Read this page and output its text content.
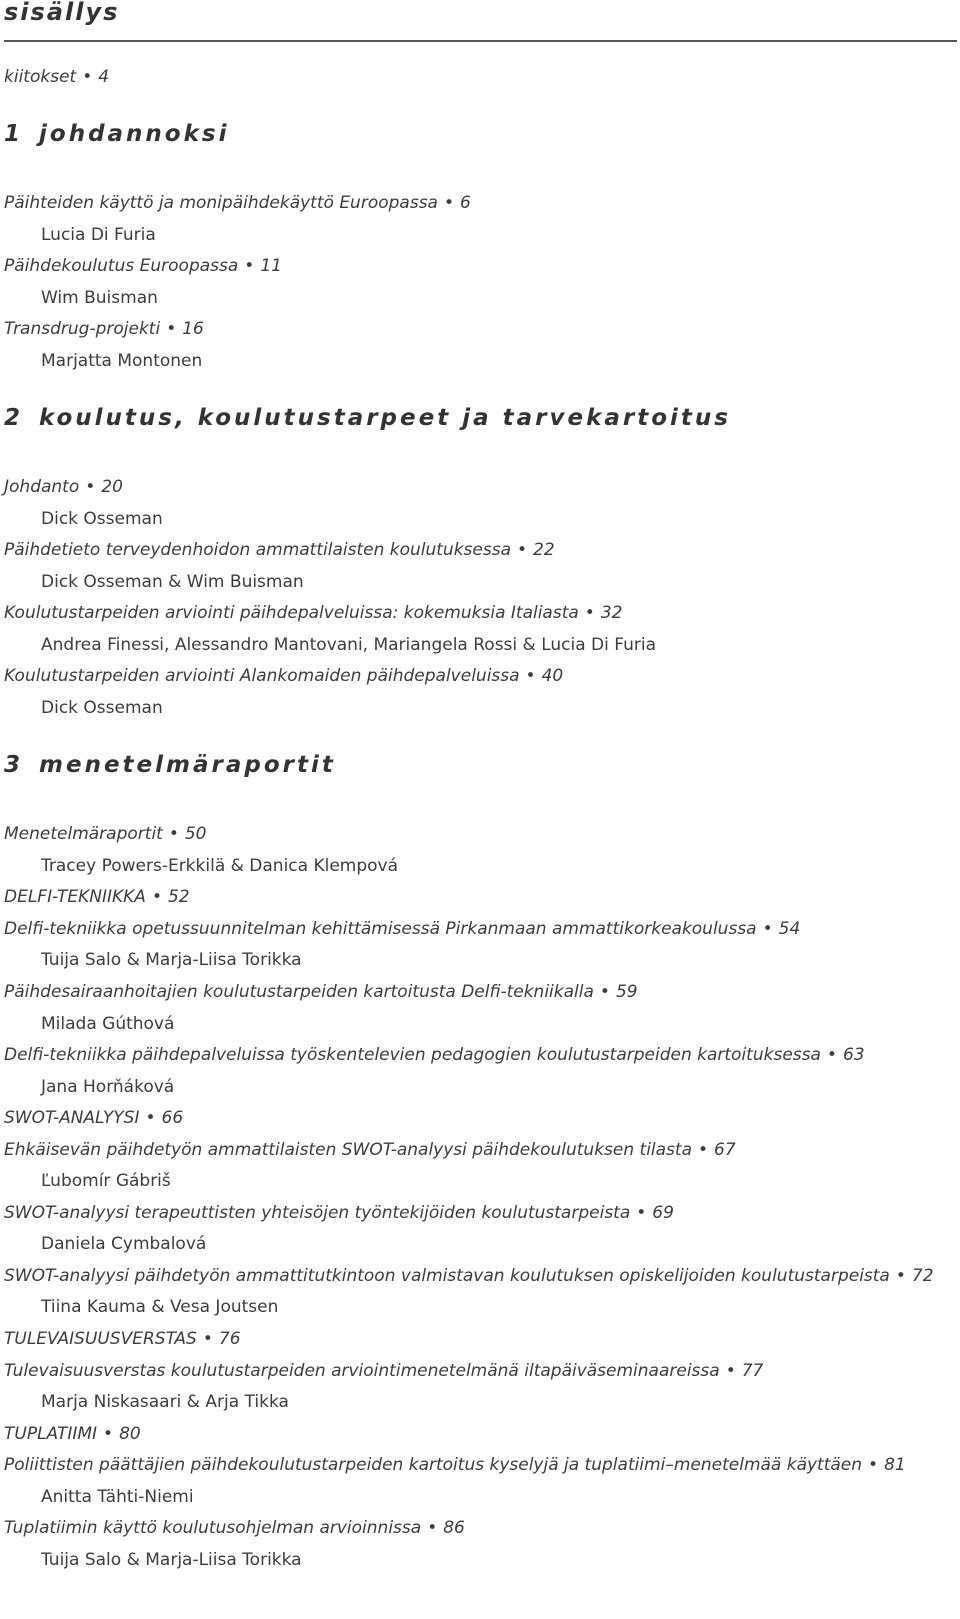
sisällys
kiitokset • 4
1 johdannoksi
Päihteiden käyttö ja monipäihdekäyttö Euroopassa • 6
Lucia Di Furia
Päihdekoulutus Euroopassa • 11
Wim Buisman
Transdrug-projekti • 16
Marjatta Montonen
2 koulutus, koulutustarpeet ja tarvekartoitus
Johdanto • 20
Dick Osseman
Päihdetieto terveydenhoidon ammattilaisten koulutuksessa • 22
Dick Osseman & Wim Buisman
Koulutustarpeiden arviointi päihdepalveluissa: kokemuksia Italiasta • 32
Andrea Finessi, Alessandro Mantovani, Mariangela Rossi & Lucia Di Furia
Koulutustarpeiden arviointi Alankomaiden päihdepalveluissa • 40
Dick Osseman
3 menetelmäraportit
Menetelmäraportit • 50
Tracey Powers-Erkkilä & Danica Klempová
DELFI-TEKNIIKKA • 52
Delfi-tekniikka opetussuunnitelman kehittämisessä Pirkanmaan ammattikorkeakoulussa • 54
Tuija Salo & Marja-Liisa Torikka
Päihdesairaanhoitajien koulutustarpeiden kartoitusta Delfi-tekniikalla • 59
Milada Gúthová
Delfi-tekniikka päihdepalveluissa työskentelevien pedagogien koulutustarpeiden kartoituksessa • 63
Jana Horňáková
SWOT-ANALYYSI • 66
Ehkäisevän päihdetyön ammattilaisten SWOT-analyysi päihdekoulutuksen tilasta • 67
Ľubomír Gábriš
SWOT-analyysi terapeuttisten yhteisöjen työntekijöiden koulutustarpeista • 69
Daniela Cymbalová
SWOT-analyysi päihdetyön ammattitutkintoon valmistavan koulutuksen opiskelijoiden koulutustarpeista • 72
Tiina Kauma & Vesa Joutsen
TULEVAISUUSVERSTAS • 76
Tulevaisuusverstas koulutustarpeiden arviointimenetelmänä iltapäiväseminaareissa • 77
Marja Niskasaari & Arja Tikka
TUPLATIIMI • 80
Poliittisten päättäjien päihdekoulutustarpeiden kartoitus kyselyjä ja tuplatiimi–menetelmää käyttäen • 81
Anitta Tähti-Niemi
Tuplatiimin käyttö koulutusohjelman arvioinnissa • 86
Tuija Salo & Marja-Liisa Torikka
